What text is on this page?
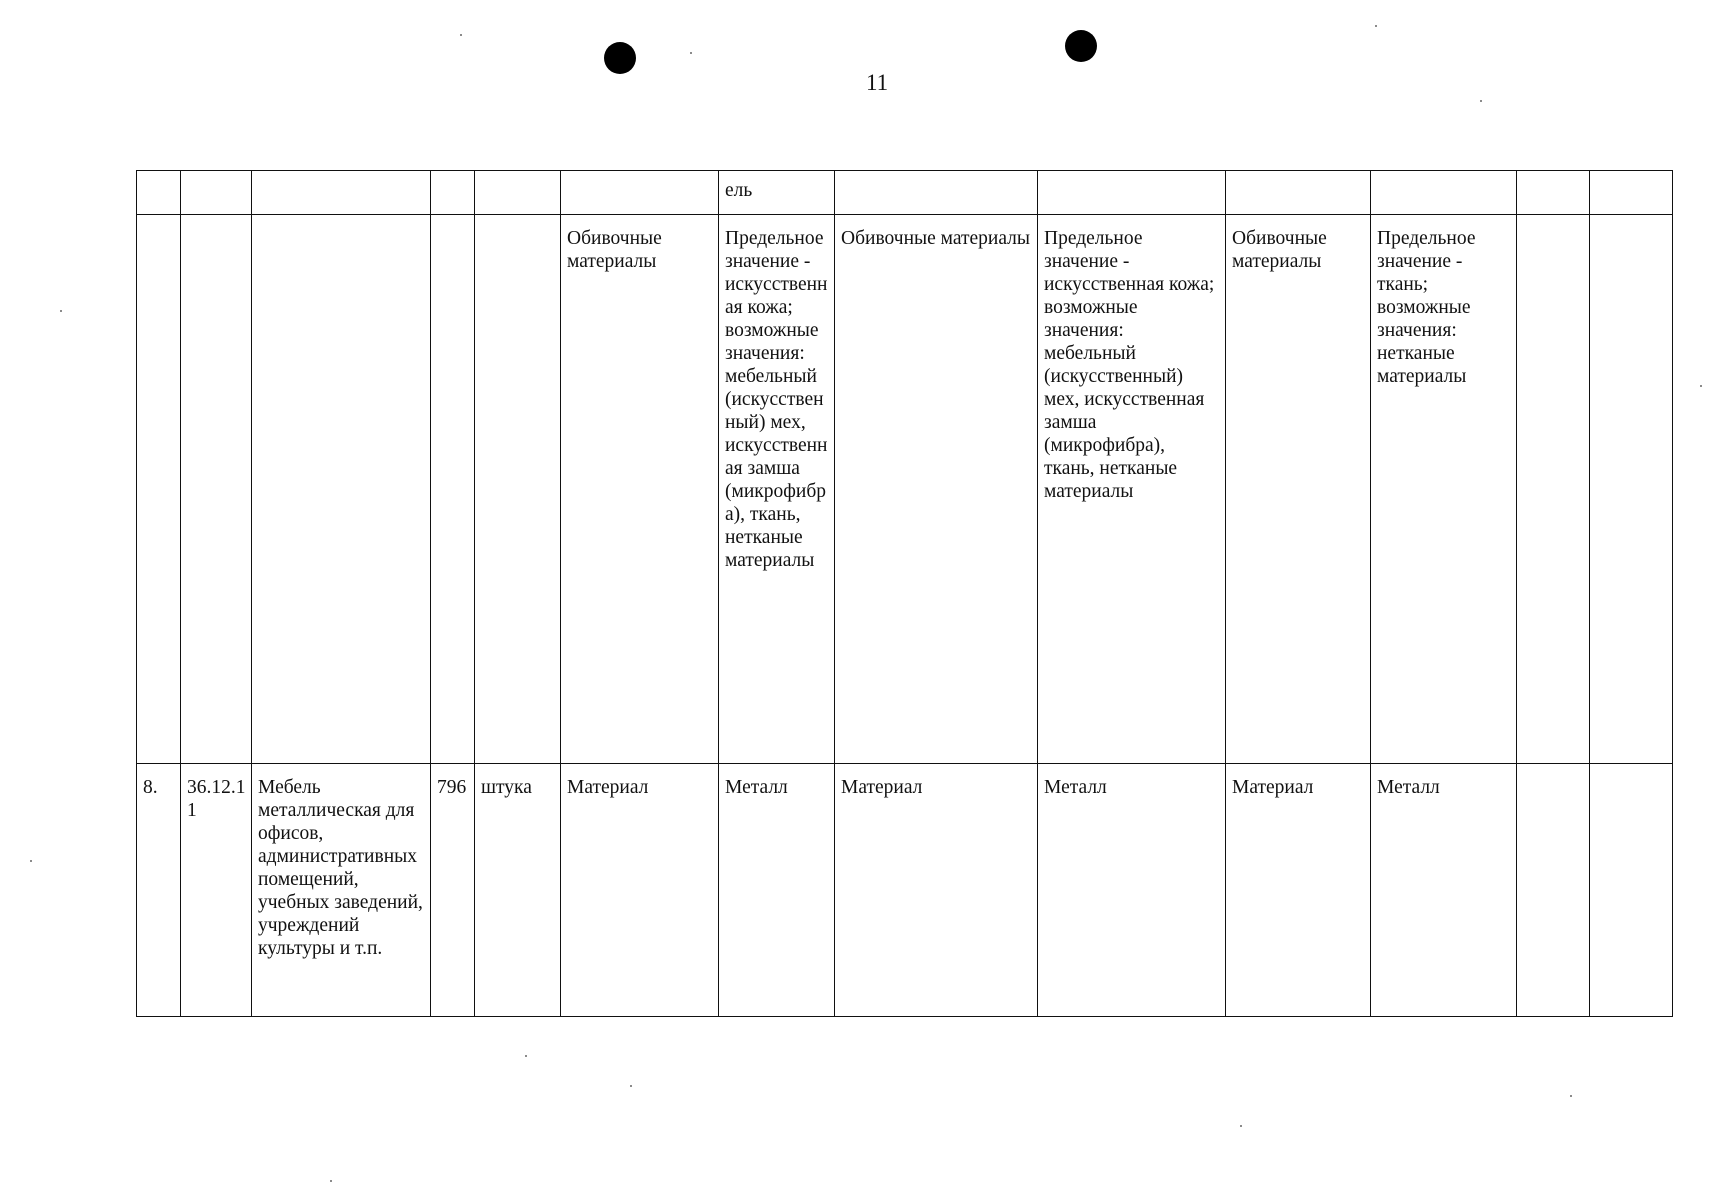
11
						ель						
					Обивочные материалы	Предельное значение - искусственная кожа; возможные значения: мебельный (искусственный) мех, искусственная замша (микрофибра), ткань, нетканые материалы	Обивочные материалы	Предельное значение - искусственная кожа; возможные значения: мебельный (искусственный) мех, искусственная замша (микрофибра), ткань, нетканые материалы	Обивочные материалы	Предельное значение - ткань; возможные значения: нетканые материалы		
8.	36.12.11	Мебель металлическая для офисов, административных помещений, учебных заведений, учреждений культуры и т.п.	796	штука	Материал	Металл	Материал	Металл	Материал	Металл		
